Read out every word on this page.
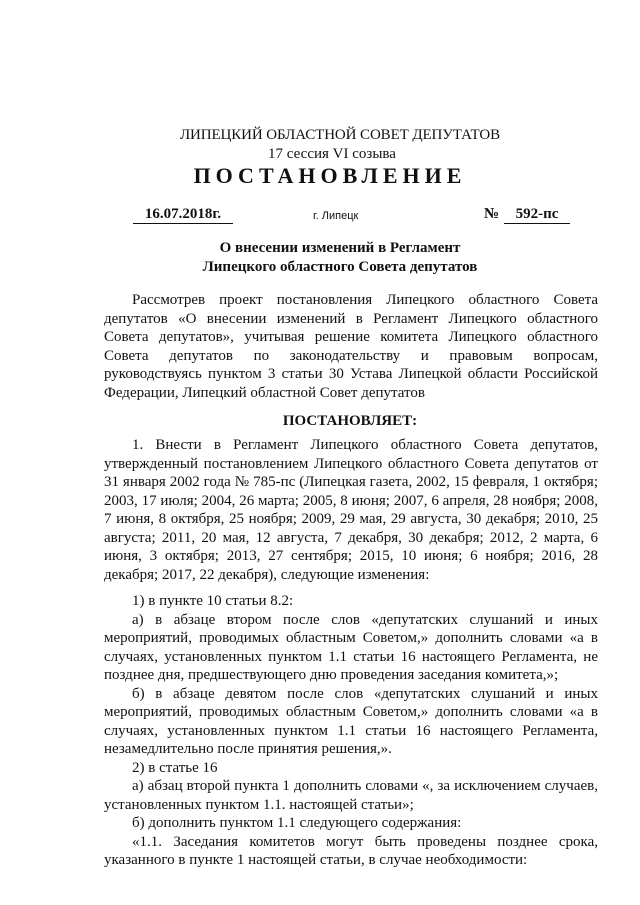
ЛИПЕЦКИЙ ОБЛАСТНОЙ СОВЕТ ДЕПУТАТОВ
17 сессия VI созыва
ПОСТАНОВЛЕНИЕ
16.07.2018г.	г. Липецк	№	592-пс
О внесении изменений в Регламент
Липецкого областного Совета депутатов

Рассмотрев проект постановления Липецкого областного Совета депутатов «О внесении изменений в Регламент Липецкого областного Совета депутатов», учитывая решение комитета Липецкого областного Совета депутатов по законодательству и правовым вопросам, руководствуясь пунктом 3 статьи 30 Устава Липецкой области Российской Федерации, Липецкий областной Совет депутатов

ПОСТАНОВЛЯЕТ:

1. Внести в Регламент Липецкого областного Совета депутатов, утвержденный постановлением Липецкого областного Совета депутатов от 31 января 2002 года № 785-пс (Липецкая газета, 2002, 15 февраля, 1 октября; 2003, 17 июля; 2004, 26 марта; 2005, 8 июня; 2007, 6 апреля, 28 ноября; 2008, 7 июня, 8 октября, 25 ноября; 2009, 29 мая, 29 августа, 30 декабря; 2010, 25 августа; 2011, 20 мая, 12 августа, 7 декабря, 30 декабря; 2012, 2 марта, 6 июня, 3 октября; 2013, 27 сентября; 2015, 10 июня; 6 ноября; 2016, 28 декабря; 2017, 22 декабря), следующие изменения:

1) в пункте 10 статьи 8.2:

а) в абзаце втором после слов «депутатских слушаний и иных мероприятий, проводимых областным Советом,» дополнить словами «а в случаях, установленных пунктом 1.1 статьи 16 настоящего Регламента, не позднее дня, предшествующего дню проведения заседания комитета,»;

б) в абзаце девятом после слов «депутатских слушаний и иных мероприятий, проводимых областным Советом,» дополнить словами «а в случаях, установленных пунктом 1.1 статьи 16 настоящего Регламента, незамедлительно после принятия решения,».

2) в статье 16

а) абзац второй пункта 1 дополнить словами «, за исключением случаев, установленных пунктом 1.1. настоящей статьи»;

б) дополнить пунктом 1.1 следующего содержания:

«1.1. Заседания комитетов могут быть проведены позднее срока, указанного в пункте 1 настоящей статьи, в случае необходимости:
